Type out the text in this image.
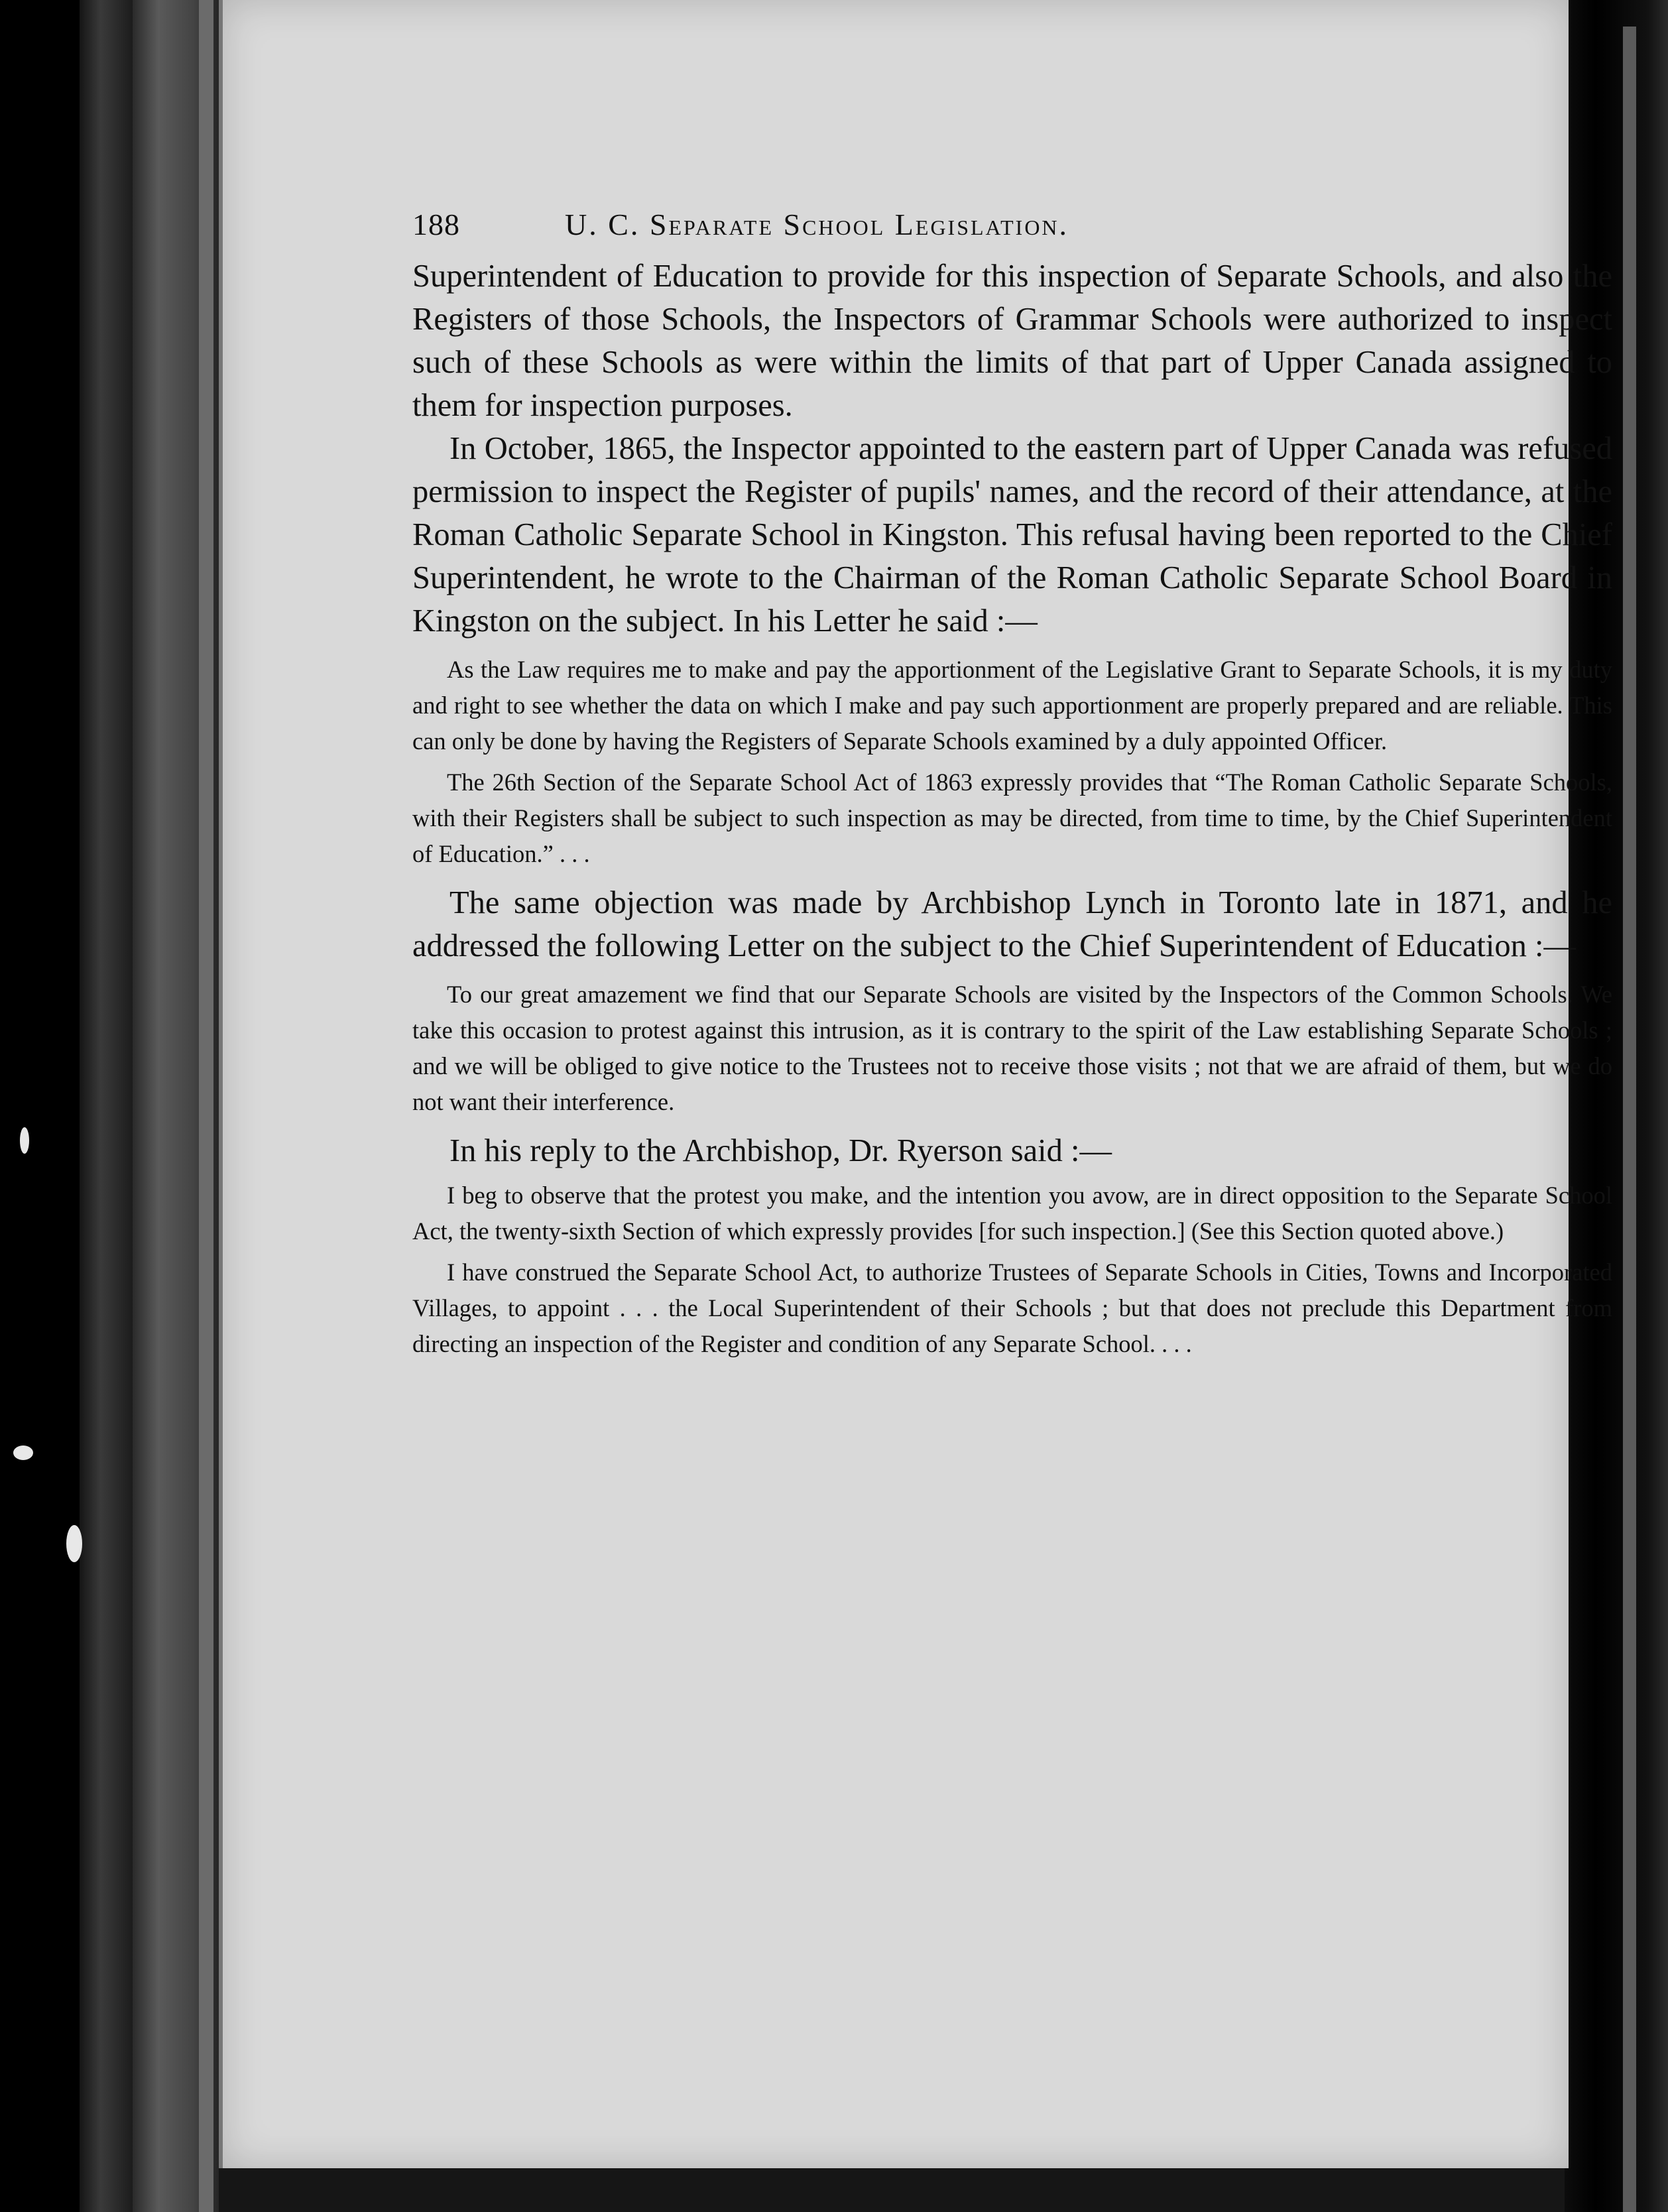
188	U. C. Separate School Legislation.

Superintendent of Education to provide for this inspection of Separate Schools, and also the Registers of those Schools, the Inspectors of Grammar Schools were authorized to inspect such of these Schools as were within the limits of that part of Upper Canada assigned to them for inspection purposes.

In October, 1865, the Inspector appointed to the eastern part of Upper Canada was refused permission to inspect the Register of pupils' names, and the record of their attendance, at the Roman Catholic Separate School in Kingston. This refusal having been reported to the Chief Superintendent, he wrote to the Chairman of the Roman Catholic Separate School Board in Kingston on the subject. In his Letter he said :—

As the Law requires me to make and pay the apportionment of the Legislative Grant to Separate Schools, it is my duty and right to see whether the data on which I make and pay such apportionment are properly prepared and are reliable. This can only be done by having the Registers of Separate Schools examined by a duly appointed Officer.

The 26th Section of the Separate School Act of 1863 expressly provides that “The Roman Catholic Separate Schools, with their Registers shall be subject to such inspection as may be directed, from time to time, by the Chief Superintendent of Education.” . . .

The same objection was made by Archbishop Lynch in Toronto late in 1871, and he addressed the following Letter on the subject to the Chief Superintendent of Education :—

To our great amazement we find that our Separate Schools are visited by the Inspectors of the Common Schools. We take this occasion to protest against this intrusion, as it is contrary to the spirit of the Law establishing Separate Schools ; and we will be obliged to give notice to the Trustees not to receive those visits ; not that we are afraid of them, but we do not want their interference.

In his reply to the Archbishop, Dr. Ryerson said :—

I beg to observe that the protest you make, and the intention you avow, are in direct opposition to the Separate School Act, the twenty-sixth Section of which expressly provides [for such inspection.] (See this Section quoted above.)

I have construed the Separate School Act, to authorize Trustees of Separate Schools in Cities, Towns and Incorporated Villages, to appoint . . . the Local Superintendent of their Schools ; but that does not preclude this Department from directing an inspection of the Register and condition of any Separate School. . . .
